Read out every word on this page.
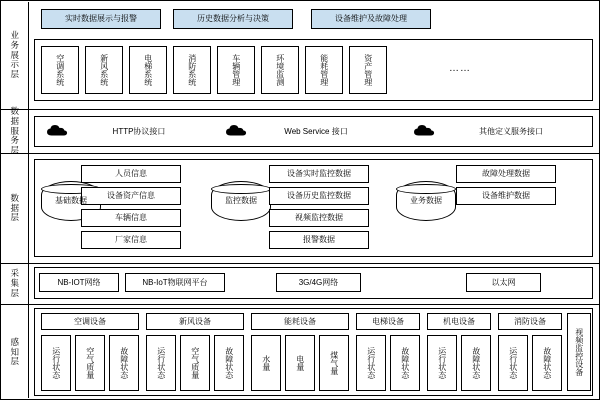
业务展示层
数据服务层
数据层
采集层
感知层
实时数据展示与报警	历史数据分析与决策	设备维护及故障处理
空调系统	新风系统	电梯系统	消防系统	车辆管理	环境监测	能耗管理	资产管理	……
HTTP协议接口	Web Service 接口	其他定义服务接口
基础数据
人员信息
设备资产信息
车辆信息
厂家信息
监控数据
设备实时监控数据
设备历史监控数据
视频监控数据
报警数据
业务数据
故障处理数据
设备维护数据
NB-IOT网络	NB-IoT物联网平台	3G/4G网络	以太网
空调设备
运行状态	空气质量	故障状态
新风设备
运行状态	空气质量	故障状态
能耗设备
水量	电量	煤气量
电梯设备
运行状态	故障状态
机电设备
运行状态	故障状态
消防设备
运行状态	故障状态	视频监控设备
